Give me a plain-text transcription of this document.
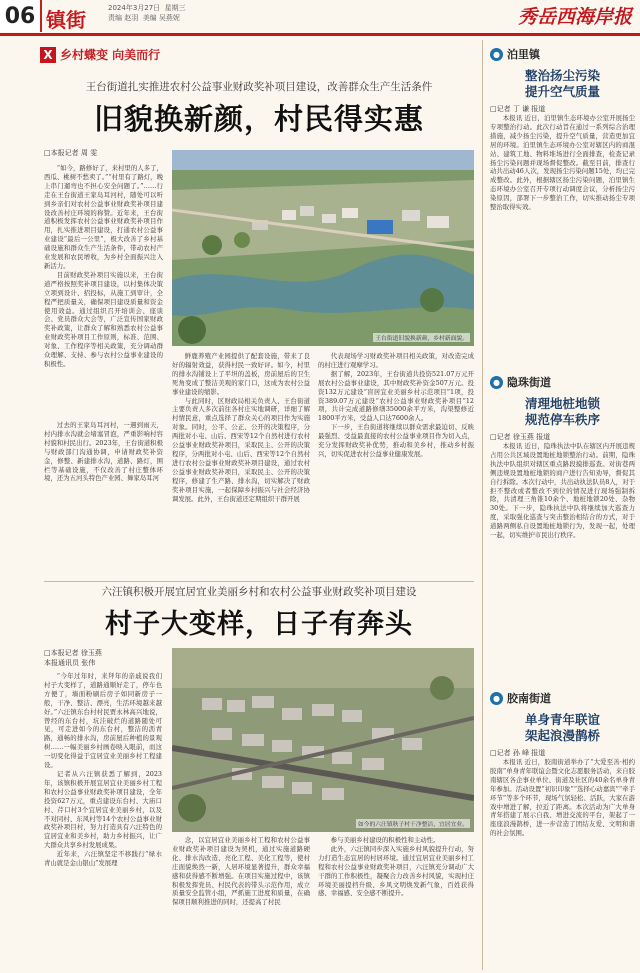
06 镇街	2024年3月27日 星期三
责编 赵羽 美编 吴燕妮	秀岳西海岸报
X 乡村蝶变 向美而行
王台街道扎实推进农村公益事业财政奖补项目建设，改善群众生产生活条件
旧貌换新颜，村民得实惠
□本报记者 周 雯

“如今，路修好了，来村里的人多了，西瓜、桃树不愁卖了。”“村里有了路灯，晚上串门遛弯也不担心安全问题了。”……行走在王台街道王家岛耳河村，随处可以听到乡亲们对农村公益事业财政奖补项目建设改善村庄环境的称赞。近年来，王台街道积极发挥农村公益事业财政奖补项目作用，扎实推进项目建设，打通农村公益事业建设“最后一公里”，极大改善了乡村基础设施和群众生产生活条件，带动农村产业发展和农民增收，为乡村全面振兴注入新活力。

目前财政奖补项目实施以来，王台街道严格按照奖补项目建设，以村集体决策立项到设计、招投标，从施工到审计，全程严把质量关，确保项目建设质量和资金使用效益。通过组织召开培训会、座谈会、党员群众大会等，广泛宣传国家财政奖补政策，让群众了解和熟悉农村公益事业财政奖补项目工作原则，标准、范围、对象、工作程序等相关政策，充分调动群众理解、支持、参与农村公益事业建设的积极性。

过去的王家岛耳河村，一遇到雨天，村内排水沟就会堵塞冒泡，严重影响村容村貌和村民出行。2023年，王台街道积极与财政部门沟通协调，申请财政奖补资金，修整、新建排水沟，道路、路灯，围栏等基础设施，不仅改善了村庄整体环境，还为五河头特色产业园、舞家岛耳河

王台街道旧貌换新颜，乡村新面貌。

鲜鹿养殖产业园提供了配套设施，带来了良好的辐射效益，获得村民一致好评。如今，村里的排水沟铺设上了平坦的盖板，房前屋后的卫生死角变成了整洁美观的家门口，这成为农村公益事业建设的缩影。

与此同时，区财政局相关负责人、王台街道主要负责人多次前往各村庄实地调研，详细了解村情民意，重点选择了群众关心的项目作为实施对象。同时，公平、公正、公开的决策程序，分两批对小屯、山后、西宋等12个自然村进行农村公益事业财政奖补项目，采取民主、公开的决策程序，分两批对小屯、山后、西宋等12个自然村进行农村公益事业财政奖补项目建设，通过农村公益事业财政奖补项目，采取民主、公开的决策程序，修建了生产路、排水沟，切实解决了财政奖补项目实施，一起保障乡村振兴与社会经济协调发展。此外，王台街道还定期组织干群开展

代表现场学习财政奖补项目相关政策，对改造完成的村庄进行观摩学习。

据了解，2023年，王台街道共投资521.07万元开展农村公益事业建设，其中财政奖补资金507万元。投资132万元建设“盲居宜业美丽乡村示范项目”1项，投资389.07万元建设“农村公益事业财政奖补项目”12项，共计完成道路修缮35000余平方米，沟渠整修近1800平方米，受益人口达7600余人。

下一步，王台街道将继续以群众需求最迫切、反映最强烈、受益最直接的农村公益事业项目作为切入点，充分发挥财政奖补优势，推动和美乡村，推动乡村振兴，切实促进农村公益事业健康发展。

六汪镇积极开展宜居宜业美丽乡村和农村公益事业财政奖补项目建设
村子大变样，日子有奔头
□本报记者 徐玉燕
本报通讯员 张伟

“今年过年时，来拜年的亲戚说我们村子大变样了，道路通顺好走了，停车也方便了，墙面粉刷后房子如同新房子一般，干净、整洁、漂亮，生活环境越来越好。”六汪镇东台村村民贾永林高兴地说，曾经的东台村，坑洼破烂的道路随处可见，可走进如今的东台村，整洁的沥青路，通畅的排水沟，房前屋后种植的景观树……一幅美丽乡村画卷映入眼前，而这一切变化得益于宜居宜业美丽乡村工程建设。

记者从六汪镇获悉了解到，2023年，该镇积极开展宜居宜业美丽乡村工程和农村公益事业财政奖补项目建设，全年投资627万元，重点建设东台村、大庙口村、芹口村3个宜居宜业美丽乡村，以及不对同村、东风村等14个农村公益事业财政奖补项目村，努力打造具有六汪特色的宜居宜业和美乡村，助力乡村振兴，让广大群众共享乡村发展成果。

近年来，六汪镇坚定不移践行“绿水青山就是金山银山”发展理

如今的六汪镇秋子村干净整洁，宜居宜业。

念，以宜居宜业美丽乡村工程和农村公益事业财政奖补项目建设为契机，通过实施道路硬化、排水沟改造、亮化工程、美化工程等，使村庄面貌焕然一新，人居环境显著提升，群众幸福感和获得感不断增强。在项目实施过程中，该镇积极发挥党员、村民代表的带头示范作用，成立质量安全监管小组，严抓施工进度和质量，在确保项目顺利推进的同时，还提高了村民

参与美丽乡村建设的积极性和主动性。

此外，六汪镇同步深入实施乡村风貌提升行动，努力打造生态宜居的村居环境。通过宜居宜业美丽乡村工程和农村公益事业财政奖补项目，六汪镇充分调动广大干群的工作积极性，凝聚合力改善乡村风貌，实现村庄环境美丽提档升级、乡风文明焕发新气象，百姓获得感、幸福感、安全感不断提升。

● 泊里镇
整治扬尘污染
提升空气质量
□记者 丁 谦 报道

本报讯 近日，泊里镇生态环境办公室开展扬尘专项整治行动。此次行动旨在通过一系列综合治理措施，减少扬尘污染，提升空气质量，营造更加宜居的环境。泊里镇生态环境办公室对辖区内的商混站、建筑工地、物料堆场进行全面排查，检查记录扬尘污染问题并现场督促整改。截至目前，排查行动共出动46人次，发现扬尘污染问题15处，均已完成整改。此外，根据辖区扬尘污染问题，泊里镇生态环境办公室召开专项行动调度会议，分析扬尘污染原因，部署下一步整治工作，切实推动扬尘专项整治取得实效。

● 隐珠街道
清理地桩地锁
规范停车秩序
□记者 徐玉燕 报道

本报讯 近日，隐珠执法中队在辖区内开展违规占用公共区域设置地桩地锁整治行动。前期，隐珠执法中队组织对辖区重点路段摸排巡查。对街巷两侧违规设置地桩地锁的商户进行告知劝导，督促其自行拆除。本次行动中，共出动执法队员8人，对于拒不整改或者整改不到位的情况进行现场强制拆除，共清理三角锥10余个、地桩地锁20处、杂物30处。下一步，隐珠执法中队将继续加大巡查力度，采取强化巡查与突击整治相结合的方式，对于道路两侧私自设置地桩地锁行为，发现一起，处理一起，切实维护市民出行秩序。

● 胶南街道
单身青年联谊
架起浪漫鹊桥
□记者 孙 峰 报道

本报讯 近日，胶南街道举办了“大爱至善·相约胶南”单身青年联谊会暨文化志愿服务活动，来自胶南辖区各企事业单位、街道及社区的40余名单身青年参加。活动设置“初识印象”“选择心动嘉宾”“牵手环节”等多个环节，现场气氛轻松、活跃，大家在游戏中增进了解，拉近了距离。本次活动为广大单身青年搭建了展示自我、增进交流的平台，架起了一座座浪漫鹊桥，进一步营造了团结友爱、文明和谐的社会氛围。
